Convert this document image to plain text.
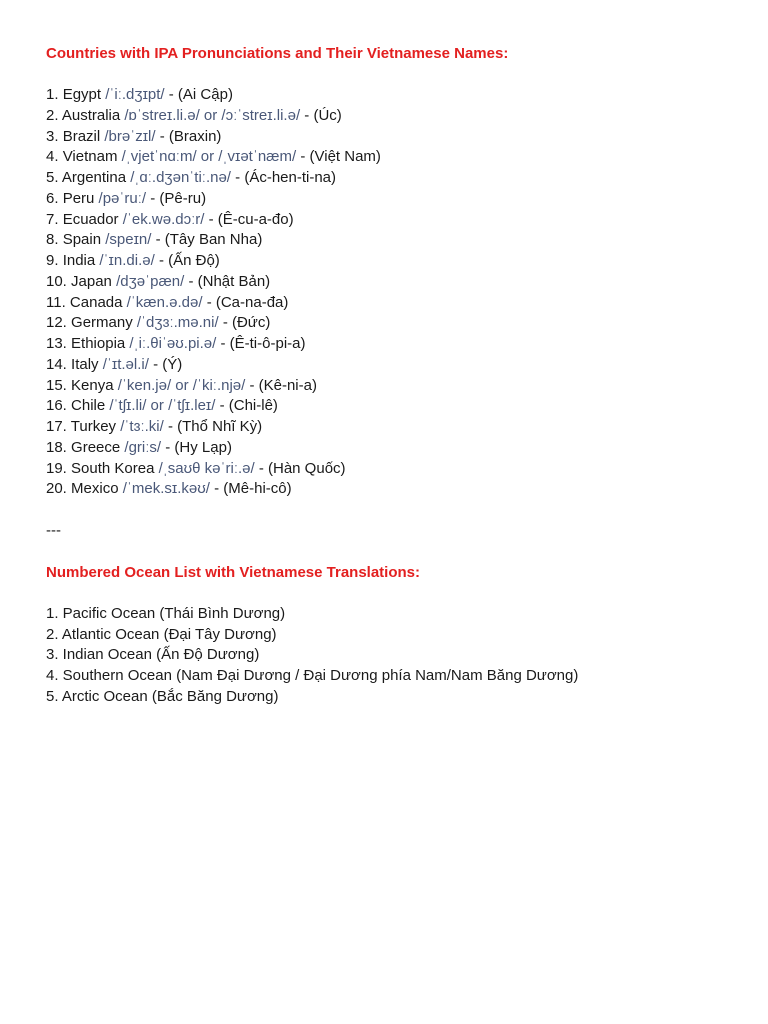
Countries with IPA Pronunciations and Their Vietnamese Names:

1. Egypt /ˈiː.dʒɪpt/ - (Ai Cập)
2. Australia /ɒˈstreɪ.li.ə/ or /ɔːˈstreɪ.li.ə/ - (Úc)
3. Brazil /brəˈzɪl/ - (Braxin)
4. Vietnam /ˌvjetˈnɑːm/ or /ˌvɪətˈnæm/ - (Việt Nam)
5. Argentina /ˌɑː.dʒənˈtiː.nə/ - (Ác-hen-ti-na)
6. Peru /pəˈruː/ - (Pê-ru)
7. Ecuador /ˈek.wə.dɔːr/ - (Ê-cu-a-đo)
8. Spain /speɪn/ - (Tây Ban Nha)
9. India /ˈɪn.di.ə/ - (Ấn Độ)
10. Japan /dʒəˈpæn/ - (Nhật Bản)
11. Canada /ˈkæn.ə.də/ - (Ca-na-đa)
12. Germany /ˈdʒɜː.mə.ni/ - (Đức)
13. Ethiopia /ˌiː.θiˈəʊ.pi.ə/ - (Ê-ti-ô-pi-a)
14. Italy /ˈɪt.əl.i/ - (Ý)
15. Kenya /ˈken.jə/ or /ˈkiː.njə/ - (Kê-ni-a)
16. Chile /ˈtʃɪ.li/ or /ˈtʃɪ.leɪ/ - (Chi-lê)
17. Turkey /ˈtɜː.ki/ - (Thổ Nhĩ Kỳ)
18. Greece /ɡriːs/ - (Hy Lạp)
19. South Korea /ˌsaʊθ kəˈriː.ə/ - (Hàn Quốc)
20. Mexico /ˈmek.sɪ.kəʊ/ - (Mê-hi-cô)
---

Numbered Ocean List with Vietnamese Translations:

1. Pacific Ocean (Thái Bình Dương)
2. Atlantic Ocean (Đại Tây Dương)
3. Indian Ocean (Ấn Độ Dương)
4. Southern Ocean (Nam Đại Dương / Đại Dương phía Nam/Nam Băng Dương)
5. Arctic Ocean (Bắc Băng Dương)
